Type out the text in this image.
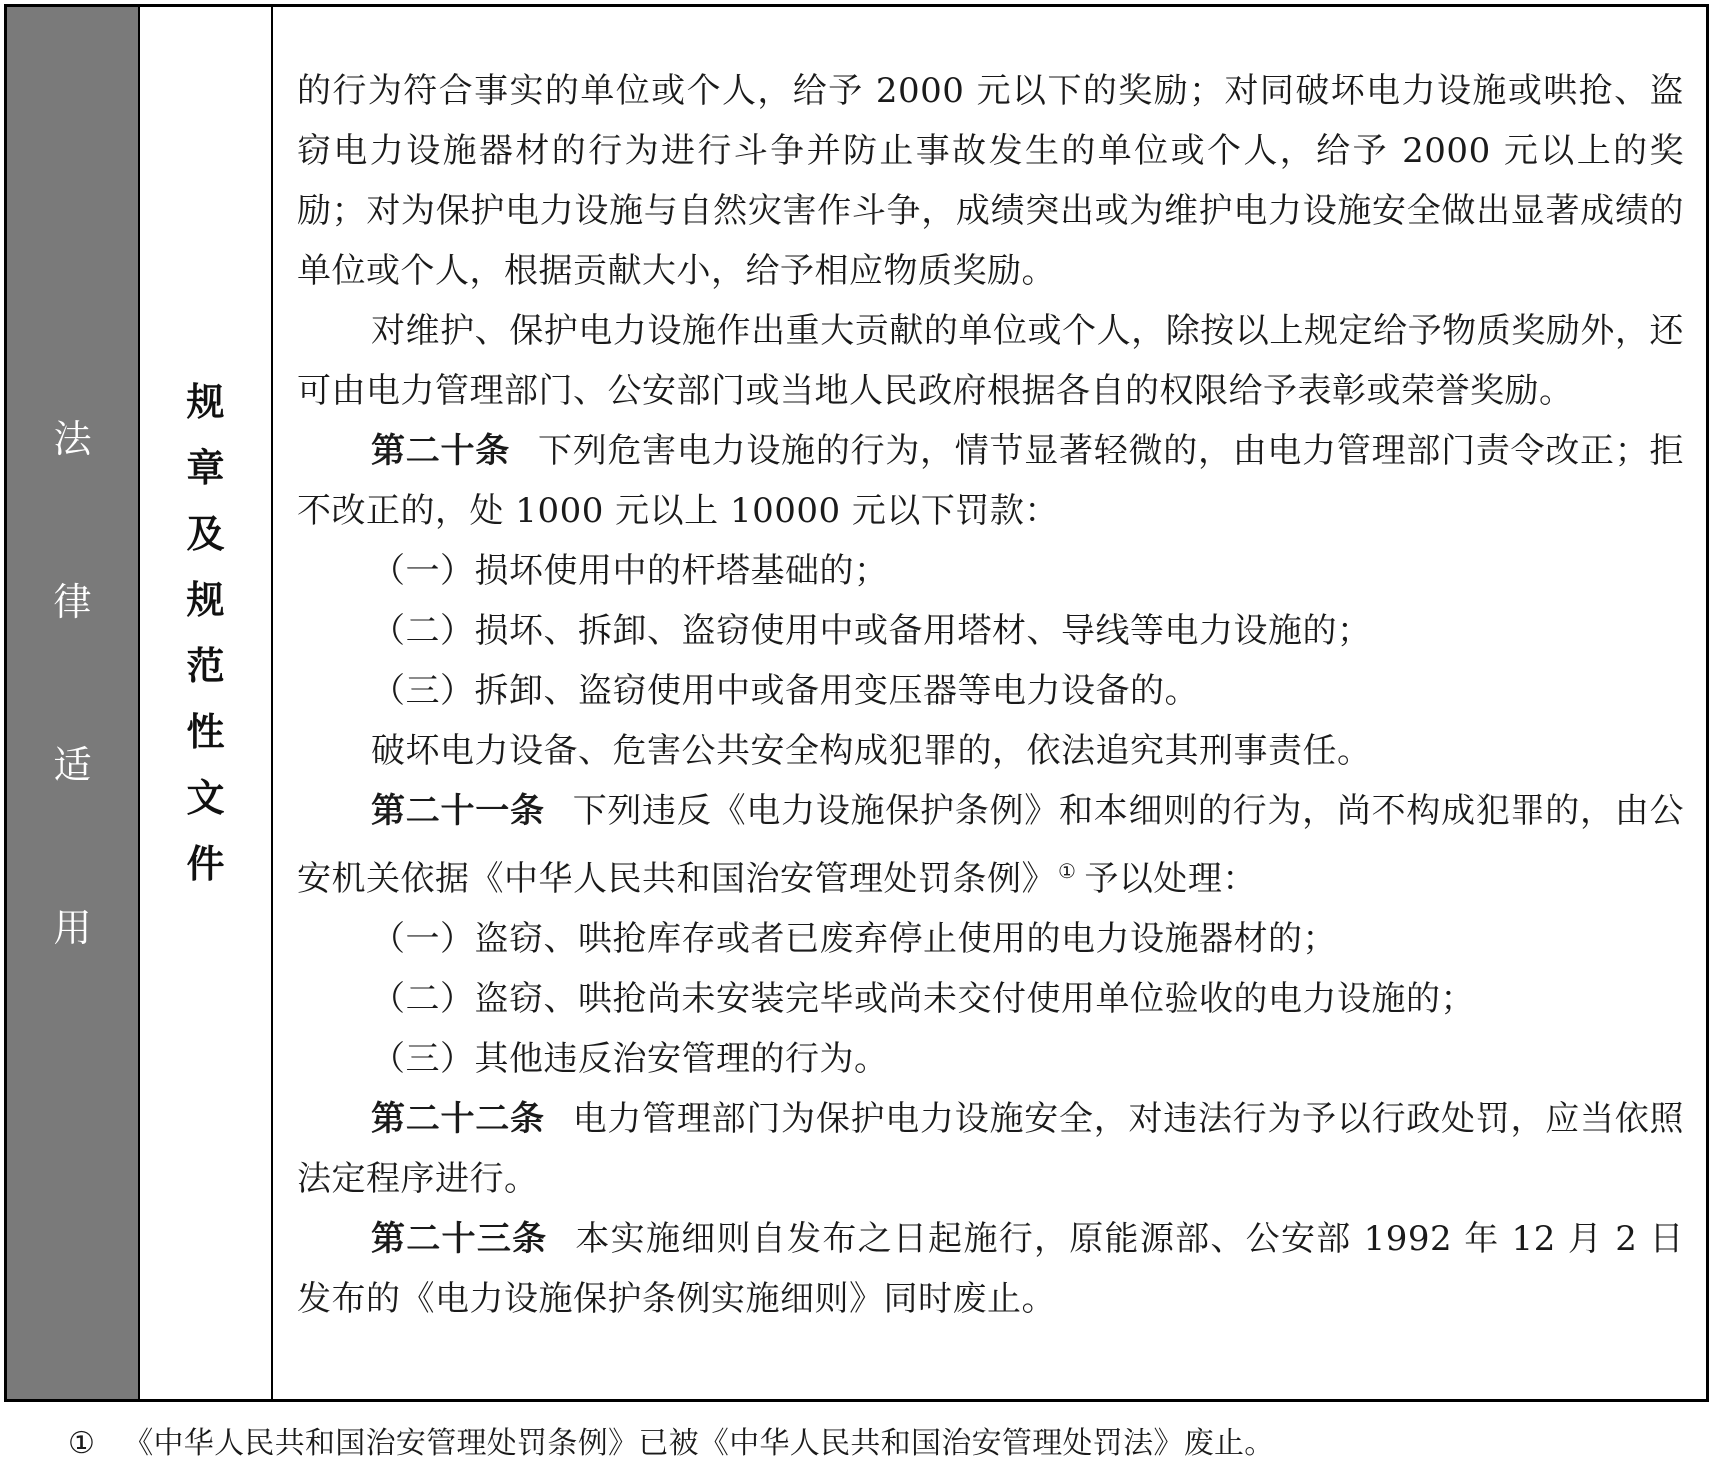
法
律
适
用
规
章
及
规
范
性
文
件

的行为符合事实的单位或个人，给予 2000 元以下的奖励；对同破坏电力设施或哄抢、盗窃电力设施器材的行为进行斗争并防止事故发生的单位或个人，给予 2000 元以上的奖励；对为保护电力设施与自然灾害作斗争，成绩突出或为维护电力设施安全做出显著成绩的单位或个人，根据贡献大小，给予相应物质奖励。

对维护、保护电力设施作出重大贡献的单位或个人，除按以上规定给予物质奖励外，还可由电力管理部门、公安部门或当地人民政府根据各自的权限给予表彰或荣誉奖励。

第二十条 下列危害电力设施的行为，情节显著轻微的，由电力管理部门责令改正；拒不改正的，处 1000 元以上 10000 元以下罚款：

（一）损坏使用中的杆塔基础的；

（二）损坏、拆卸、盗窃使用中或备用塔材、导线等电力设施的；

（三）拆卸、盗窃使用中或备用变压器等电力设备的。

破坏电力设备、危害公共安全构成犯罪的，依法追究其刑事责任。

第二十一条 下列违反《电力设施保护条例》和本细则的行为，尚不构成犯罪的，由公安机关依据《中华人民共和国治安管理处罚条例》 ① 予以处理：

（一）盗窃、哄抢库存或者已废弃停止使用的电力设施器材的；

（二）盗窃、哄抢尚未安装完毕或尚未交付使用单位验收的电力设施的；

（三）其他违反治安管理的行为。

第二十二条 电力管理部门为保护电力设施安全，对违法行为予以行政处罚，应当依照法定程序进行。

第二十三条 本实施细则自发布之日起施行，原能源部、公安部 1992 年 12 月 2 日发布的《电力设施保护条例实施细则》同时废止。

① 《中华人民共和国治安管理处罚条例》已被《中华人民共和国治安管理处罚法》废止。
